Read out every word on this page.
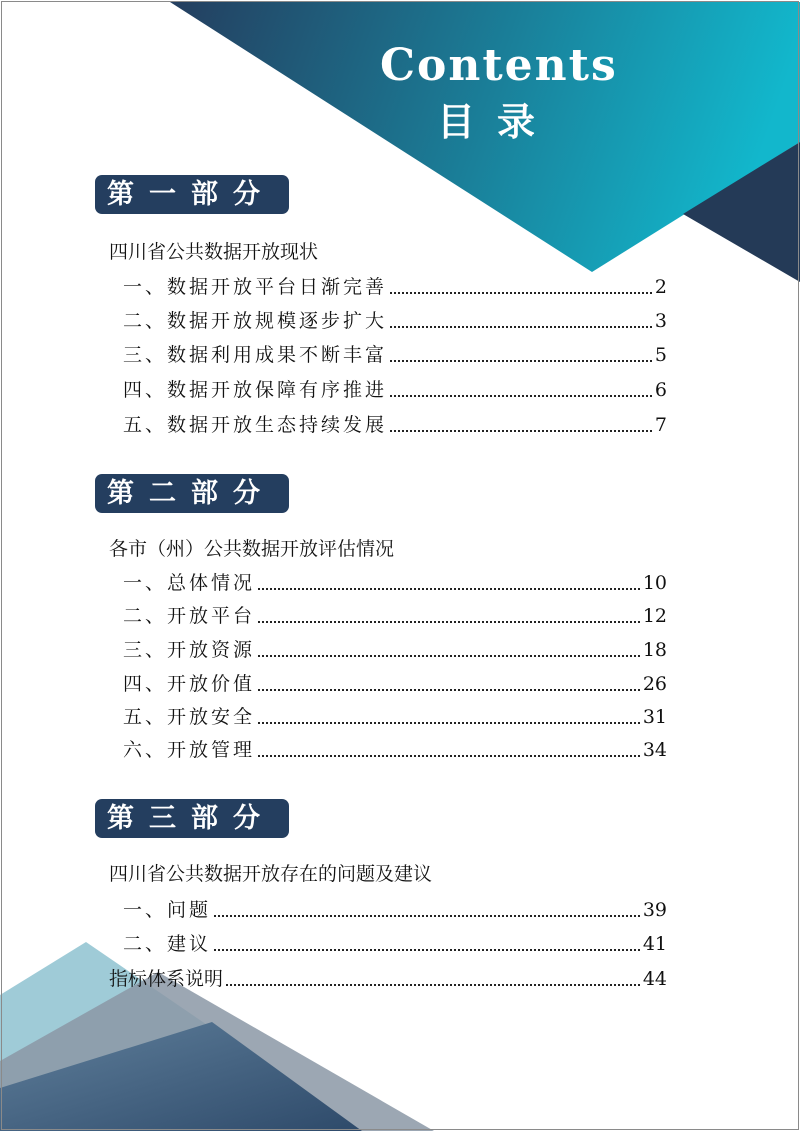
Contents
目录
第一部分
四川省公共数据开放现状
一、数据开放平台日渐完善	2
二、数据开放规模逐步扩大	3
三、数据利用成果不断丰富	5
四、数据开放保障有序推进	6
五、数据开放生态持续发展	7
第二部分
各市（州）公共数据开放评估情况
一、总体情况	10
二、开放平台	12
三、开放资源	18
四、开放价值	26
五、开放安全	31
六、开放管理	34
第三部分
四川省公共数据开放存在的问题及建议
一、问题	39
二、建议	41
指标体系说明	44
